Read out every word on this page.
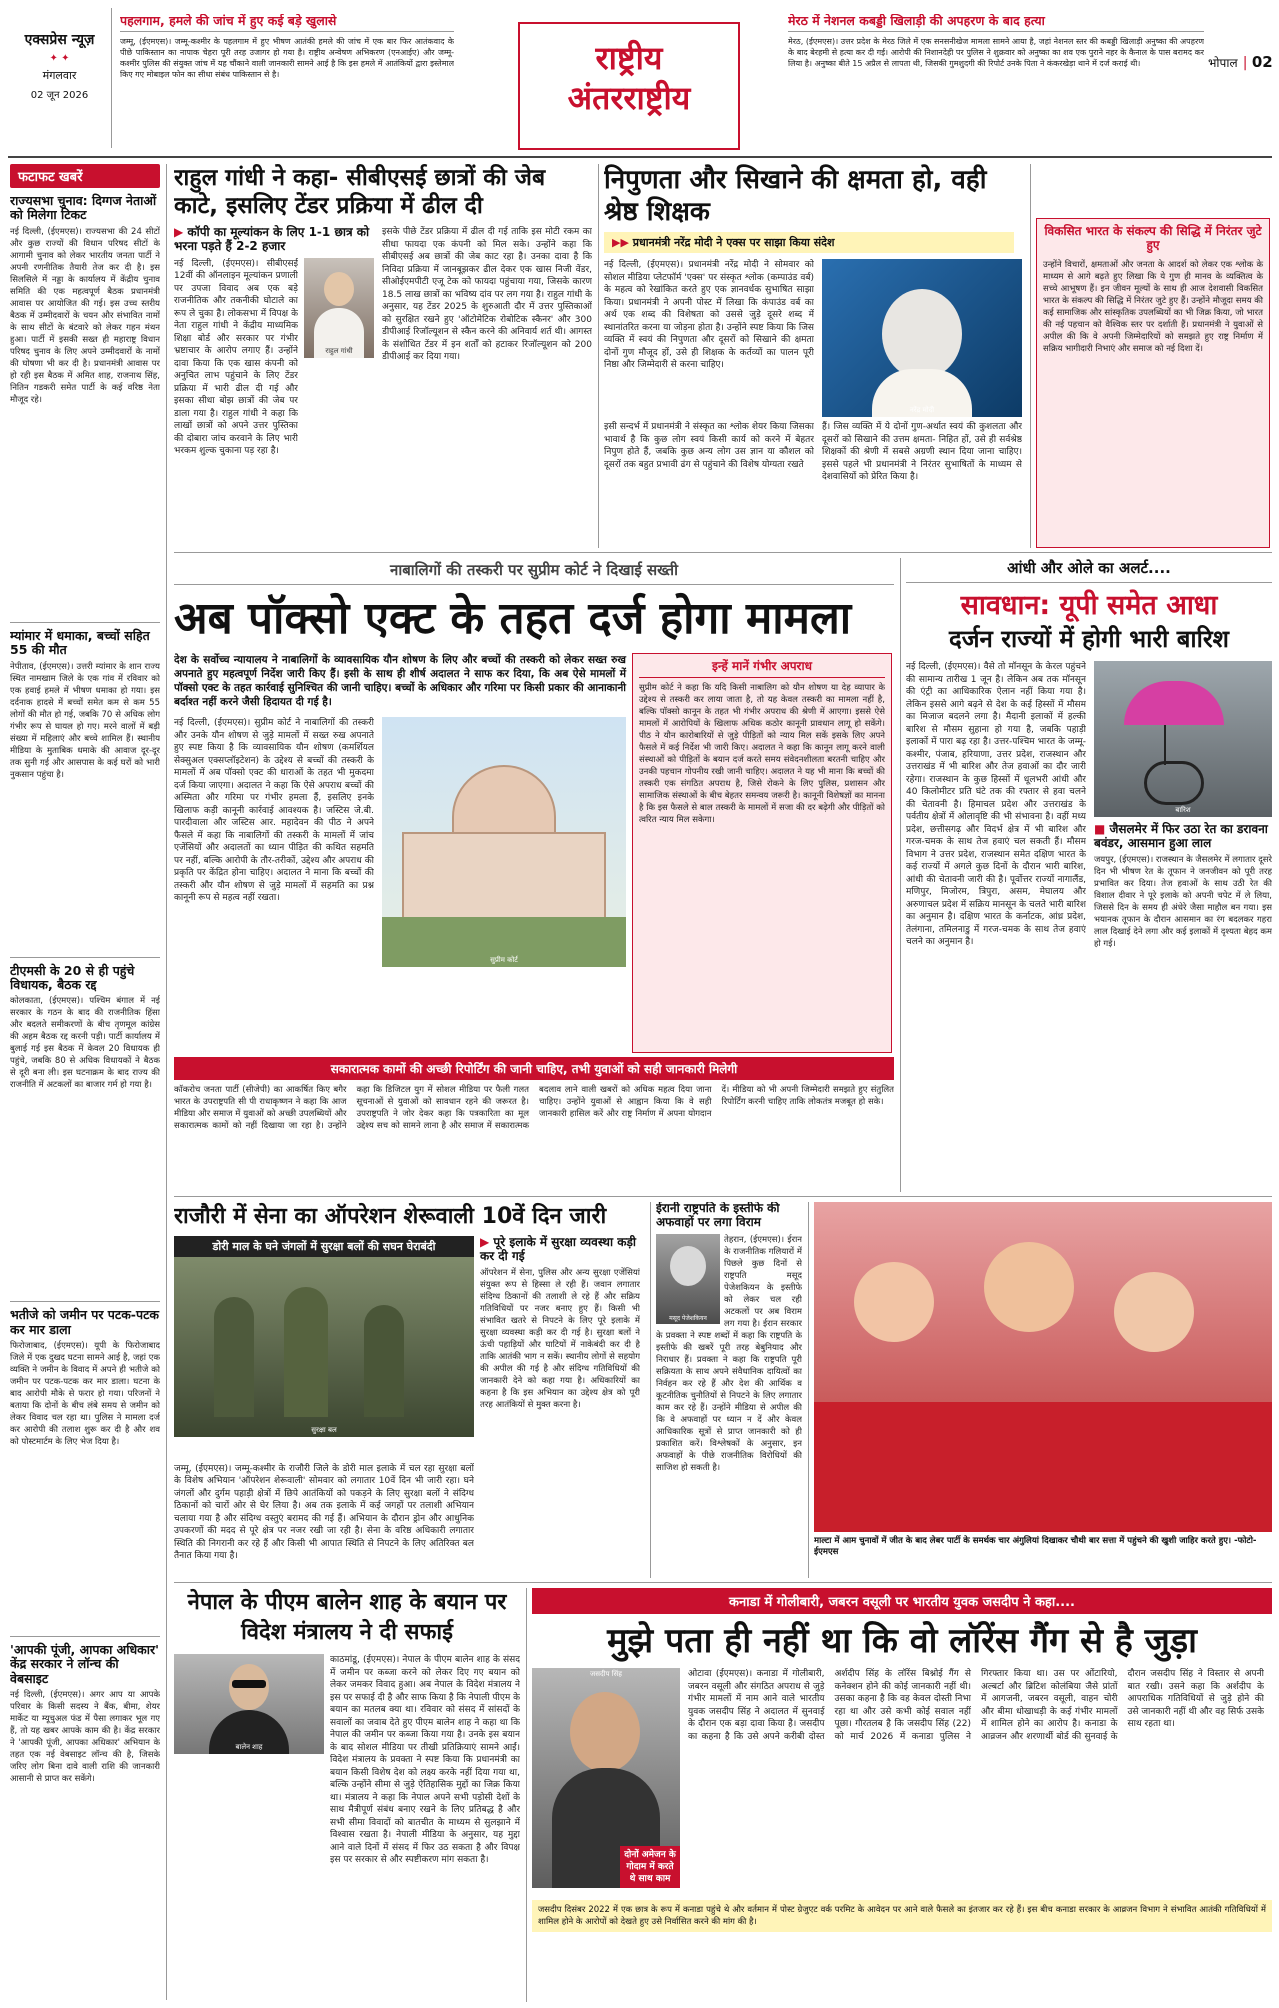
एक्सप्रेस न्यूज़
✦ ✦
मंगलवार
02 जून 2026
पहलगाम, हमले की जांच में हुए कई बड़े खुलासे
जम्मू, (ईएमएस)। जम्मू-कश्मीर के पहलगाम में हुए भीषण आतंकी हमले की जांच में एक बार फिर आतंकवाद के पीछे पाकिस्तान का नापाक चेहरा पूरी तरह उजागर हो गया है। राष्ट्रीय अन्वेषण अभिकरण (एनआईए) और जम्मू-कश्मीर पुलिस की संयुक्त जांच में यह चौंकाने वाली जानकारी सामने आई है कि इस हमले में आतंकियों द्वारा इस्तेमाल किए गए मोबाइल फोन का सीधा संबंध पाकिस्तान से है।	राष्ट्रीय
अंतरराष्ट्रीय
मेरठ में नेशनल कबड्डी खिलाड़ी की अपहरण के बाद हत्या
मेरठ, (ईएमएस)। उत्तर प्रदेश के मेरठ जिले में एक सनसनीखेज मामला सामने आया है, जहां नेशनल स्तर की कबड्डी खिलाड़ी अनुष्का की अपहरण के बाद बेरहमी से हत्या कर दी गई। आरोपी की निशानदेही पर पुलिस ने शुक्रवार को अनुष्का का शव एक पुराने नहर के कैनाल के पास बरामद कर लिया है। अनुष्का बीते 15 अप्रैल से लापता थी, जिसकी गुमशुदगी की रिपोर्ट उनके पिता ने कंकरखेड़ा थाने में दर्ज कराई थी।	भोपाल | 02
फटाफट खबरें
राज्यसभा चुनाव: दिग्गज नेताओं को मिलेगा टिकट
नई दिल्ली, (ईएमएस)। राज्यसभा की 24 सीटों और कुछ राज्यों की विधान परिषद सीटों के आगामी चुनाव को लेकर भारतीय जनता पार्टी ने अपनी रणनीतिक तैयारी तेज कर दी है। इस सिलसिले में नड्डा के कार्यालय में केंद्रीय चुनाव समिति की एक महत्वपूर्ण बैठक प्रधानमंत्री आवास पर आयोजित की गई। इस उच्च स्तरीय बैठक में उम्मीदवारों के चयन और संभावित नामों के साथ सीटों के बंटवारे को लेकर गहन मंथन हुआ। पार्टी में इसकी सख्त ही महाराष्ट्र विधान परिषद चुनाव के लिए अपने उम्मीदवारों के नामों की घोषणा भी कर दी है। प्रधानमंत्री आवास पर हो रही इस बैठक में अमित शाह, राजनाथ सिंह, नितिन गडकरी समेत पार्टी के कई वरिष्ठ नेता मौजूद रहे।
म्यांमार में धमाका, बच्चों सहित 55 की मौत
नेपीताव, (ईएमएस)। उत्तरी म्यांमार के शान राज्य स्थित नामखाम जिले के एक गांव में रविवार को एक हवाई हमले में भीषण धमाका हो गया। इस दर्दनाक हादसे में बच्चों समेत कम से कम 55 लोगों की मौत हो गई, जबकि 70 से अधिक लोग गंभीर रूप से घायल हो गए। मरने वालों में बड़ी संख्या में महिलाएं और बच्चे शामिल हैं। स्थानीय मीडिया के मुताबिक धमाके की आवाज दूर-दूर तक सुनी गई और आसपास के कई घरों को भारी नुकसान पहुंचा है।
टीएमसी के 20 से ही पहुंचे विधायक, बैठक रद्द
कोलकाता, (ईएमएस)। पश्चिम बंगाल में नई सरकार के गठन के बाद की राजनीतिक हिंसा और बदलते समीकरणों के बीच तृणमूल कांग्रेस की अहम बैठक रद्द करनी पड़ी। पार्टी कार्यालय में बुलाई गई इस बैठक में केवल 20 विधायक ही पहुंचे, जबकि 80 से अधिक विधायकों ने बैठक से दूरी बना ली। इस घटनाक्रम के बाद राज्य की राजनीति में अटकलों का बाजार गर्म हो गया है।
भतीजे को जमीन पर पटक-पटक कर मार डाला
फिरोजाबाद, (ईएमएस)। यूपी के फिरोजाबाद जिले में एक दुखद घटना सामने आई है, जहां एक व्यक्ति ने जमीन के विवाद में अपने ही भतीजे को जमीन पर पटक-पटक कर मार डाला। घटना के बाद आरोपी मौके से फरार हो गया। परिजनों ने बताया कि दोनों के बीच लंबे समय से जमीन को लेकर विवाद चल रहा था। पुलिस ने मामला दर्ज कर आरोपी की तलाश शुरू कर दी है और शव को पोस्टमार्टम के लिए भेज दिया है।
'आपकी पूंजी, आपका अधिकार' केंद्र सरकार ने लॉन्च की वेबसाइट
नई दिल्ली, (ईएमएस)। अगर आप या आपके परिवार के किसी सदस्य ने बैंक, बीमा, शेयर मार्केट या म्यूचुअल फंड में पैसा लगाकर भूल गए हैं, तो यह खबर आपके काम की है। केंद्र सरकार ने 'आपकी पूंजी, आपका अधिकार' अभियान के तहत एक नई वेबसाइट लॉन्च की है, जिसके जरिए लोग बिना दावे वाली राशि की जानकारी आसानी से प्राप्त कर सकेंगे।
राहुल गांधी ने कहा- सीबीएसई छात्रों की जेब काटे, इसलिए टेंडर प्रक्रिया में ढील दी
▶ कॉपी का मूल्यांकन के लिए 1-1 छात्र को भरना पड़ते हैं 2-2 हजार
नई दिल्ली, (ईएमएस)। सीबीएसई 12वीं की ऑनलाइन मूल्यांकन प्रणाली पर उपजा विवाद अब एक बड़े राजनीतिक और तकनीकी घोटाले का रूप ले चुका है। लोकसभा में विपक्ष के नेता राहुल गांधी ने केंद्रीय माध्यमिक शिक्षा बोर्ड और सरकार पर गंभीर भ्रष्टाचार के आरोप लगाए हैं। उन्होंने दावा किया कि एक खास कंपनी को अनुचित लाभ पहुंचाने के लिए टेंडर प्रक्रिया में भारी ढील दी गई और इसका सीधा बोझ छात्रों की जेब पर डाला गया है। राहुल गांधी ने कहा कि लाखों छात्रों को अपने उत्तर पुस्तिका की दोबारा जांच करवाने के लिए भारी भरकम शुल्क चुकाना पड़ रहा है।
राहुल गांधी
इसके पीछे टेंडर प्रक्रिया में ढील दी गई ताकि इस मोटी रकम का सीधा फायदा एक कंपनी को मिल सके। उन्होंने कहा कि सीबीएसई अब छात्रों की जेब काट रहा है। उनका दावा है कि निविदा प्रक्रिया में जानबूझकर ढील देकर एक खास निजी वेंडर, सीओईएमपीटी एजू टेक को फायदा पहुंचाया गया, जिसके कारण 18.5 लाख छात्रों का भविष्य दांव पर लग गया है। राहुल गांधी के अनुसार, यह टेंडर 2025 के शुरुआती दौर में उत्तर पुस्तिकाओं को सुरक्षित रखने हुए 'ऑटोमेटिक रोबोटिक स्कैनर' और 300 डीपीआई रिजॉल्यूशन से स्कैन करने की अनिवार्य शर्त थी। आगस्त के संशोधित टेंडर में इन शर्तों को हटाकर रिजॉल्यूशन को 200 डीपीआई कर दिया गया।
निपुणता और सिखाने की क्षमता हो, वही श्रेष्ठ शिक्षक
▶▶ प्रधानमंत्री नरेंद्र मोदी ने एक्स पर साझा किया संदेश
नई दिल्ली, (ईएमएस)। प्रधानमंत्री नरेंद्र मोदी ने सोमवार को सोशल मीडिया प्लेटफॉर्म 'एक्स' पर संस्कृत श्लोक (कम्पाउंड वर्ब) के महत्व को रेखांकित करते हुए एक ज्ञानवर्धक सुभाषित साझा किया। प्रधानमंत्री ने अपनी पोस्ट में लिखा कि कंपाउंड वर्ब का अर्थ एक शब्द की विशेषता को उससे जुड़े दूसरे शब्द में स्थानांतरित करना या जोड़ना होता है। उन्होंने स्पष्ट किया कि जिस व्यक्ति में स्वयं की निपुणता और दूसरों को सिखाने की क्षमता दोनों गुण मौजूद हों, उसे ही शिक्षक के कर्तव्यों का पालन पूरी निष्ठा और जिम्मेदारी से करना चाहिए।
नरेंद्र मोदी
इसी सन्दर्भ में प्रधानमंत्री ने संस्कृत का श्लोक शेयर किया जिसका भावार्थ है कि कुछ लोग स्वयं किसी कार्य को करने में बेहतर निपुण होते हैं, जबकि कुछ अन्य लोग उस ज्ञान या कौशल को दूसरों तक बहुत प्रभावी ढंग से पहुंचाने की विशेष योग्यता रखते
हैं। जिस व्यक्ति में ये दोनों गुण-अर्थात स्वयं की कुशलता और दूसरों को सिखाने की उत्तम क्षमता- निहित हों, उसे ही सर्वश्रेष्ठ शिक्षकों की श्रेणी में सबसे अग्रणी स्थान दिया जाना चाहिए। इससे पहले भी प्रधानमंत्री ने निरंतर सुभाषितों के माध्यम से देशवासियों को प्रेरित किया है।
विकसित भारत के संकल्प की सिद्धि में निरंतर जुटे हुए
उन्होंने विचारों, क्षमताओं और जनता के आदर्श को लेकर एक श्लोक के माध्यम से आगे बढ़ते हुए लिखा कि ये गुण ही मानव के व्यक्तित्व के सच्चे आभूषण हैं। इन जीवन मूल्यों के साथ ही आज देशवासी विकसित भारत के संकल्प की सिद्धि में निरंतर जुटे हुए हैं। उन्होंने मौजूदा समय की कई सामाजिक और सांस्कृतिक उपलब्धियों का भी जिक्र किया, जो भारत की नई पहचान को वैश्विक स्तर पर दर्शाती हैं। प्रधानमंत्री ने युवाओं से अपील की कि वे अपनी जिम्मेदारियों को समझते हुए राष्ट्र निर्माण में सक्रिय भागीदारी निभाएं और समाज को नई दिशा दें।
नाबालिगों की तस्करी पर सुप्रीम कोर्ट ने दिखाई सख्ती
अब पॉक्सो एक्ट के तहत दर्ज होगा मामला
देश के सर्वोच्च न्यायालय ने नाबालिगों के व्यावसायिक यौन शोषण के लिए और बच्चों की तस्करी को लेकर सख्त रुख अपनाते हुए महत्वपूर्ण निर्देश जारी किए हैं। इसी के साथ ही शीर्ष अदालत ने साफ कर दिया, कि अब ऐसे मामलों में पॉक्सो एक्ट के तहत कार्रवाई सुनिश्चित की जानी चाहिए। बच्चों के अधिकार और गरिमा पर किसी प्रकार की आनाकानी बर्दाश्त नहीं करने जैसी हिदायत दी गई है।
नई दिल्ली, (ईएमएस)। सुप्रीम कोर्ट ने नाबालिगों की तस्करी और उनके यौन शोषण से जुड़े मामलों में सख्त रुख अपनाते हुए स्पष्ट किया है कि व्यावसायिक यौन शोषण (कमर्शियल सेक्सुअल एक्सप्लॉइटेशन) के उद्देश्य से बच्चों की तस्करी के मामलों में अब पॉक्सो एक्ट की धाराओं के तहत भी मुकदमा दर्ज किया जाएगा। अदालत ने कहा कि ऐसे अपराध बच्चों की अस्मिता और गरिमा पर गंभीर हमला हैं, इसलिए इनके खिलाफ कड़ी कानूनी कार्रवाई आवश्यक है। जस्टिस जे.बी. पारदीवाला और जस्टिस आर. महादेवन की पीठ ने अपने फैसले में कहा कि नाबालिगों की तस्करी के मामलों में जांच एजेंसियों और अदालतों का ध्यान पीड़ित की कथित सहमति पर नहीं, बल्कि आरोपी के तौर-तरीकों, उद्देश्य और अपराध की प्रकृति पर केंद्रित होना चाहिए। अदालत ने माना कि बच्चों की तस्करी और यौन शोषण से जुड़े मामलों में सहमति का प्रश्न कानूनी रूप से महत्व नहीं रखता।
सुप्रीम कोर्ट
इन्हें मानें गंभीर अपराध
सुप्रीम कोर्ट ने कहा कि यदि किसी नाबालिग को यौन शोषण या देह व्यापार के उद्देश्य से तस्करी कर लाया जाता है, तो यह केवल तस्करी का मामला नहीं है, बल्कि पॉक्सो कानून के तहत भी गंभीर अपराध की श्रेणी में आएगा। इससे ऐसे मामलों में आरोपियों के खिलाफ अधिक कठोर कानूनी प्रावधान लागू हो सकेंगे। पीठ ने यौन कारोबारियों से जुड़े पीड़ितों को न्याय मिल सकें इसके लिए अपने फैसले में कई निर्देश भी जारी किए। अदालत ने कहा कि कानून लागू करने वाली संस्थाओं को पीड़ितों के बयान दर्ज करते समय संवेदनशीलता बरतनी चाहिए और उनकी पहचान गोपनीय रखी जानी चाहिए। अदालत ने यह भी माना कि बच्चों की तस्करी एक संगठित अपराध है, जिसे रोकने के लिए पुलिस, प्रशासन और सामाजिक संस्थाओं के बीच बेहतर समन्वय जरूरी है। कानूनी विशेषज्ञों का मानना है कि इस फैसले से बाल तस्करी के मामलों में सजा की दर बढ़ेगी और पीड़ितों को त्वरित न्याय मिल सकेगा।
सकारात्मक कामों की अच्छी रिपोर्टिंग की जानी चाहिए, तभी युवाओं को सही जानकारी मिलेगी
कॉकरोच जनता पार्टी (सीजेपी) का आकर्षित किए बगैर भारत के उपराष्ट्रपति सी पी राधाकृष्णन ने कहा कि आज मीडिया और समाज में युवाओं को अच्छी उपलब्धियों और सकारात्मक कामों को नहीं दिखाया जा रहा है। उन्होंने कहा कि डिजिटल युग में सोशल मीडिया पर फैली गलत सूचनाओं से युवाओं को सावधान रहने की जरूरत है। उपराष्ट्रपति ने जोर देकर कहा कि पत्रकारिता का मूल उद्देश्य सच को सामने लाना है और समाज में सकारात्मक बदलाव लाने वाली खबरों को अधिक महत्व दिया जाना चाहिए। उन्होंने युवाओं से आह्वान किया कि वे सही जानकारी हासिल करें और राष्ट्र निर्माण में अपना योगदान दें। मीडिया को भी अपनी जिम्मेदारी समझते हुए संतुलित रिपोर्टिंग करनी चाहिए ताकि लोकतंत्र मजबूत हो सके।
आंधी और ओले का अलर्ट....
सावधान: यूपी समेत आधा
दर्जन राज्यों में होगी भारी बारिश
नई दिल्ली, (ईएमएस)। वैसे तो मॉनसून के केरल पहुंचने की सामान्य तारीख 1 जून है। लेकिन अब तक मॉनसून की एंट्री का आधिकारिक ऐलान नहीं किया गया है। लेकिन इससे आगे बढ़ने से देश के कई हिस्सों में मौसम का मिजाज बदलने लगा है। मैदानी इलाकों में हल्की बारिश से मौसम सुहाना हो गया है, जबकि पहाड़ी इलाकों में पारा बढ़ रहा है। उत्तर-पश्चिम भारत के जम्मू-कश्मीर, पंजाब, हरियाणा, उत्तर प्रदेश, राजस्थान और उत्तराखंड में भी बारिश और तेज हवाओं का दौर जारी रहेगा। राजस्थान के कुछ हिस्सों में धूलभरी आंधी और 40 किलोमीटर प्रति घंटे तक की रफ्तार से हवा चलने की चेतावनी है। हिमाचल प्रदेश और उत्तराखंड के पर्वतीय क्षेत्रों में ओलावृष्टि की भी संभावना है। वहीं मध्य प्रदेश, छत्तीसगढ़ और विदर्भ क्षेत्र में भी बारिश और गरज-चमक के साथ तेज हवाएं चल सकती हैं। मौसम विभाग ने उत्तर प्रदेश, राजस्थान समेत दक्षिण भारत के कई राज्यों में अगले कुछ दिनों के दौरान भारी बारिश, आंधी की चेतावनी जारी की है। पूर्वोत्तर राज्यों नागालैंड, मणिपुर, मिजोरम, त्रिपुरा, असम, मेघालय और अरुणाचल प्रदेश में सक्रिय मानसून के चलते भारी बारिश का अनुमान है। दक्षिण भारत के कर्नाटक, आंध्र प्रदेश, तेलंगाना, तमिलनाडु में गरज-चमक के साथ तेज हवाएं चलने का अनुमान है।
बारिश
■ जैसलमेर में फिर उठा रेत का डरावना बवंडर, आसमान हुआ लाल
जयपुर, (ईएमएस)। राजस्थान के जैसलमेर में लगातार दूसरे दिन भी भीषण रेत के तूफान ने जनजीवन को पूरी तरह प्रभावित कर दिया। तेज हवाओं के साथ उठी रेत की विशाल दीवार ने पूरे इलाके को अपनी चपेट में ले लिया, जिससे दिन के समय ही अंधेरे जैसा माहौल बन गया। इस भयानक तूफान के दौरान आसमान का रंग बदलकर गहरा लाल दिखाई देने लगा और कई इलाकों में दृश्यता बेहद कम हो गई।
राजौरी में सेना का ऑपरेशन शेरूवाली 10वें दिन जारी
डोरी माल के घने जंगलों में सुरक्षा बलों की सघन घेराबंदी
सुरक्षा बल
▶ पूरे इलाके में सुरक्षा व्यवस्था कड़ी कर दी गई
ऑपरेशन में सेना, पुलिस और अन्य सुरक्षा एजेंसियां संयुक्त रूप से हिस्सा ले रही हैं। जवान लगातार संदिग्ध ठिकानों की तलाशी ले रहे हैं और सक्रिय गतिविधियों पर नजर बनाए हुए हैं। किसी भी संभावित खतरे से निपटने के लिए पूरे इलाके में सुरक्षा व्यवस्था कड़ी कर दी गई है। सुरक्षा बलों ने ऊंची पहाड़ियों और घाटियों में नाकेबंदी कर दी है ताकि आतंकी भाग न सकें। स्थानीय लोगों से सहयोग की अपील की गई है और संदिग्ध गतिविधियों की जानकारी देने को कहा गया है। अधिकारियों का कहना है कि इस अभियान का उद्देश्य क्षेत्र को पूरी तरह आतंकियों से मुक्त करना है।
जम्मू, (ईएमएस)। जम्मू-कश्मीर के राजौरी जिले के डोरी माल इलाके में चल रहा सुरक्षा बलों के विशेष अभियान 'ऑपरेशन शेरूवाली' सोमवार को लगातार 10वें दिन भी जारी रहा। घने जंगलों और दुर्गम पहाड़ी क्षेत्रों में छिपे आतंकियों को पकड़ने के लिए सुरक्षा बलों ने संदिग्ध ठिकानों को चारों ओर से घेर लिया है। अब तक इलाके में कई जगहों पर तलाशी अभियान चलाया गया है और संदिग्ध वस्तुएं बरामद की गई हैं। अभियान के दौरान ड्रोन और आधुनिक उपकरणों की मदद से पूरे क्षेत्र पर नजर रखी जा रही है। सेना के वरिष्ठ अधिकारी लगातार स्थिति की निगरानी कर रहे हैं और किसी भी आपात स्थिति से निपटने के लिए अतिरिक्त बल तैनात किया गया है।
ईरानी राष्ट्रपति के इस्तीफे की अफवाहों पर लगा विराम
मसूद पेजेशकियन
तेहरान, (ईएमएस)। ईरान के राजनीतिक गलियारों में पिछले कुछ दिनों से राष्ट्रपति मसूद पेजेशकियन के इस्तीफे को लेकर चल रही अटकलों पर अब विराम लग गया है। ईरान सरकार के प्रवक्ता ने स्पष्ट शब्दों में कहा कि राष्ट्रपति के इस्तीफे की खबरें पूरी तरह बेबुनियाद और निराधार हैं। प्रवक्ता ने कहा कि राष्ट्रपति पूरी सक्रियता के साथ अपने संवैधानिक दायित्वों का निर्वहन कर रहे हैं और देश की आर्थिक व कूटनीतिक चुनौतियों से निपटने के लिए लगातार काम कर रहे हैं। उन्होंने मीडिया से अपील की कि वे अफवाहों पर ध्यान न दें और केवल आधिकारिक सूत्रों से प्राप्त जानकारी को ही प्रकाशित करें। विश्लेषकों के अनुसार, इन अफवाहों के पीछे राजनीतिक विरोधियों की साजिश हो सकती है।
माल्टा में आम चुनावों में जीत के बाद लेबर पार्टी के समर्थक चार अंगुलियां दिखाकर चौथी बार सत्ता में पहुंचने की खुशी जाहिर करते हुए। -फोटो-ईएमएस
नेपाल के पीएम बालेन शाह के बयान पर विदेश मंत्रालय ने दी सफाई
बालेन शाह
काठमांडू, (ईएमएस)। नेपाल के पीएम बालेन शाह के संसद में जमीन पर कब्जा करने को लेकर दिए गए बयान को लेकर जमकर विवाद हुआ। अब नेपाल के विदेश मंत्रालय ने इस पर सफाई दी है और साफ किया है कि नेपाली पीएम के बयान का मतलब क्या था। रविवार को संसद में सांसदों के सवालों का जवाब देते हुए पीएम बालेन शाह ने कहा था कि नेपाल की जमीन पर कब्जा किया गया है। उनके इस बयान के बाद सोशल मीडिया पर तीखी प्रतिक्रियाएं सामने आईं। विदेश मंत्रालय के प्रवक्ता ने स्पष्ट किया कि प्रधानमंत्री का बयान किसी विशेष देश को लक्ष्य करके नहीं दिया गया था, बल्कि उन्होंने सीमा से जुड़े ऐतिहासिक मुद्दों का जिक्र किया था। मंत्रालय ने कहा कि नेपाल अपने सभी पड़ोसी देशों के साथ मैत्रीपूर्ण संबंध बनाए रखने के लिए प्रतिबद्ध है और सभी सीमा विवादों को बातचीत के माध्यम से सुलझाने में विश्वास रखता है। नेपाली मीडिया के अनुसार, यह मुद्दा आने वाले दिनों में संसद में फिर उठ सकता है और विपक्ष इस पर सरकार से और स्पष्टीकरण मांग सकता है।
कनाडा में गोलीबारी, जबरन वसूली पर भारतीय युवक जसदीप ने कहा....
मुझे पता ही नहीं था कि वो लॉरेंस गैंग से है जुड़ा
जसदीप सिंह
दोनों अमेजन के गोदाम में करते थे साथ काम
ओटावा (ईएमएस)। कनाडा में गोलीबारी, जबरन वसूली और संगठित अपराध से जुड़े गंभीर मामलों में नाम आने वाले भारतीय युवक जसदीप सिंह ने अदालत में सुनवाई के दौरान एक बड़ा दावा किया है। जसदीप का कहना है कि उसे अपने करीबी दोस्त अर्शदीप सिंह के लॉरेंस बिश्नोई गैंग से कनेक्शन होने की कोई जानकारी नहीं थी। उसका कहना है कि वह केवल दोस्ती निभा रहा था और उसे कभी कोई सवाल नहीं पूछा। गौरतलब है कि जसदीप सिंह (22) को मार्च 2026 में कनाडा पुलिस ने गिरफ्तार किया था। उस पर ओंटारियो, अल्बर्टा और ब्रिटिश कोलंबिया जैसे प्रांतों में आगजनी, जबरन वसूली, वाहन चोरी और बीमा धोखाधड़ी के कई गंभीर मामलों में शामिल होने का आरोप है। कनाडा के आव्रजन और शरणार्थी बोर्ड की सुनवाई के दौरान जसदीप सिंह ने विस्तार से अपनी बात रखी। उसने कहा कि अर्शदीप के आपराधिक गतिविधियों से जुड़े होने की उसे जानकारी नहीं थी और वह सिर्फ उसके साथ रहता था।
जसदीप दिसंबर 2022 में एक छात्र के रूप में कनाडा पहुंचे थे और वर्तमान में पोस्ट ग्रेजुएट वर्क परमिट के आवेदन पर आने वाले फैसले का इंतजार कर रहे हैं। इस बीच कनाडा सरकार के आव्रजन विभाग ने संभावित आतंकी गतिविधियों में शामिल होने के आरोपों को देखते हुए उसे निर्वासित करने की मांग की है।
